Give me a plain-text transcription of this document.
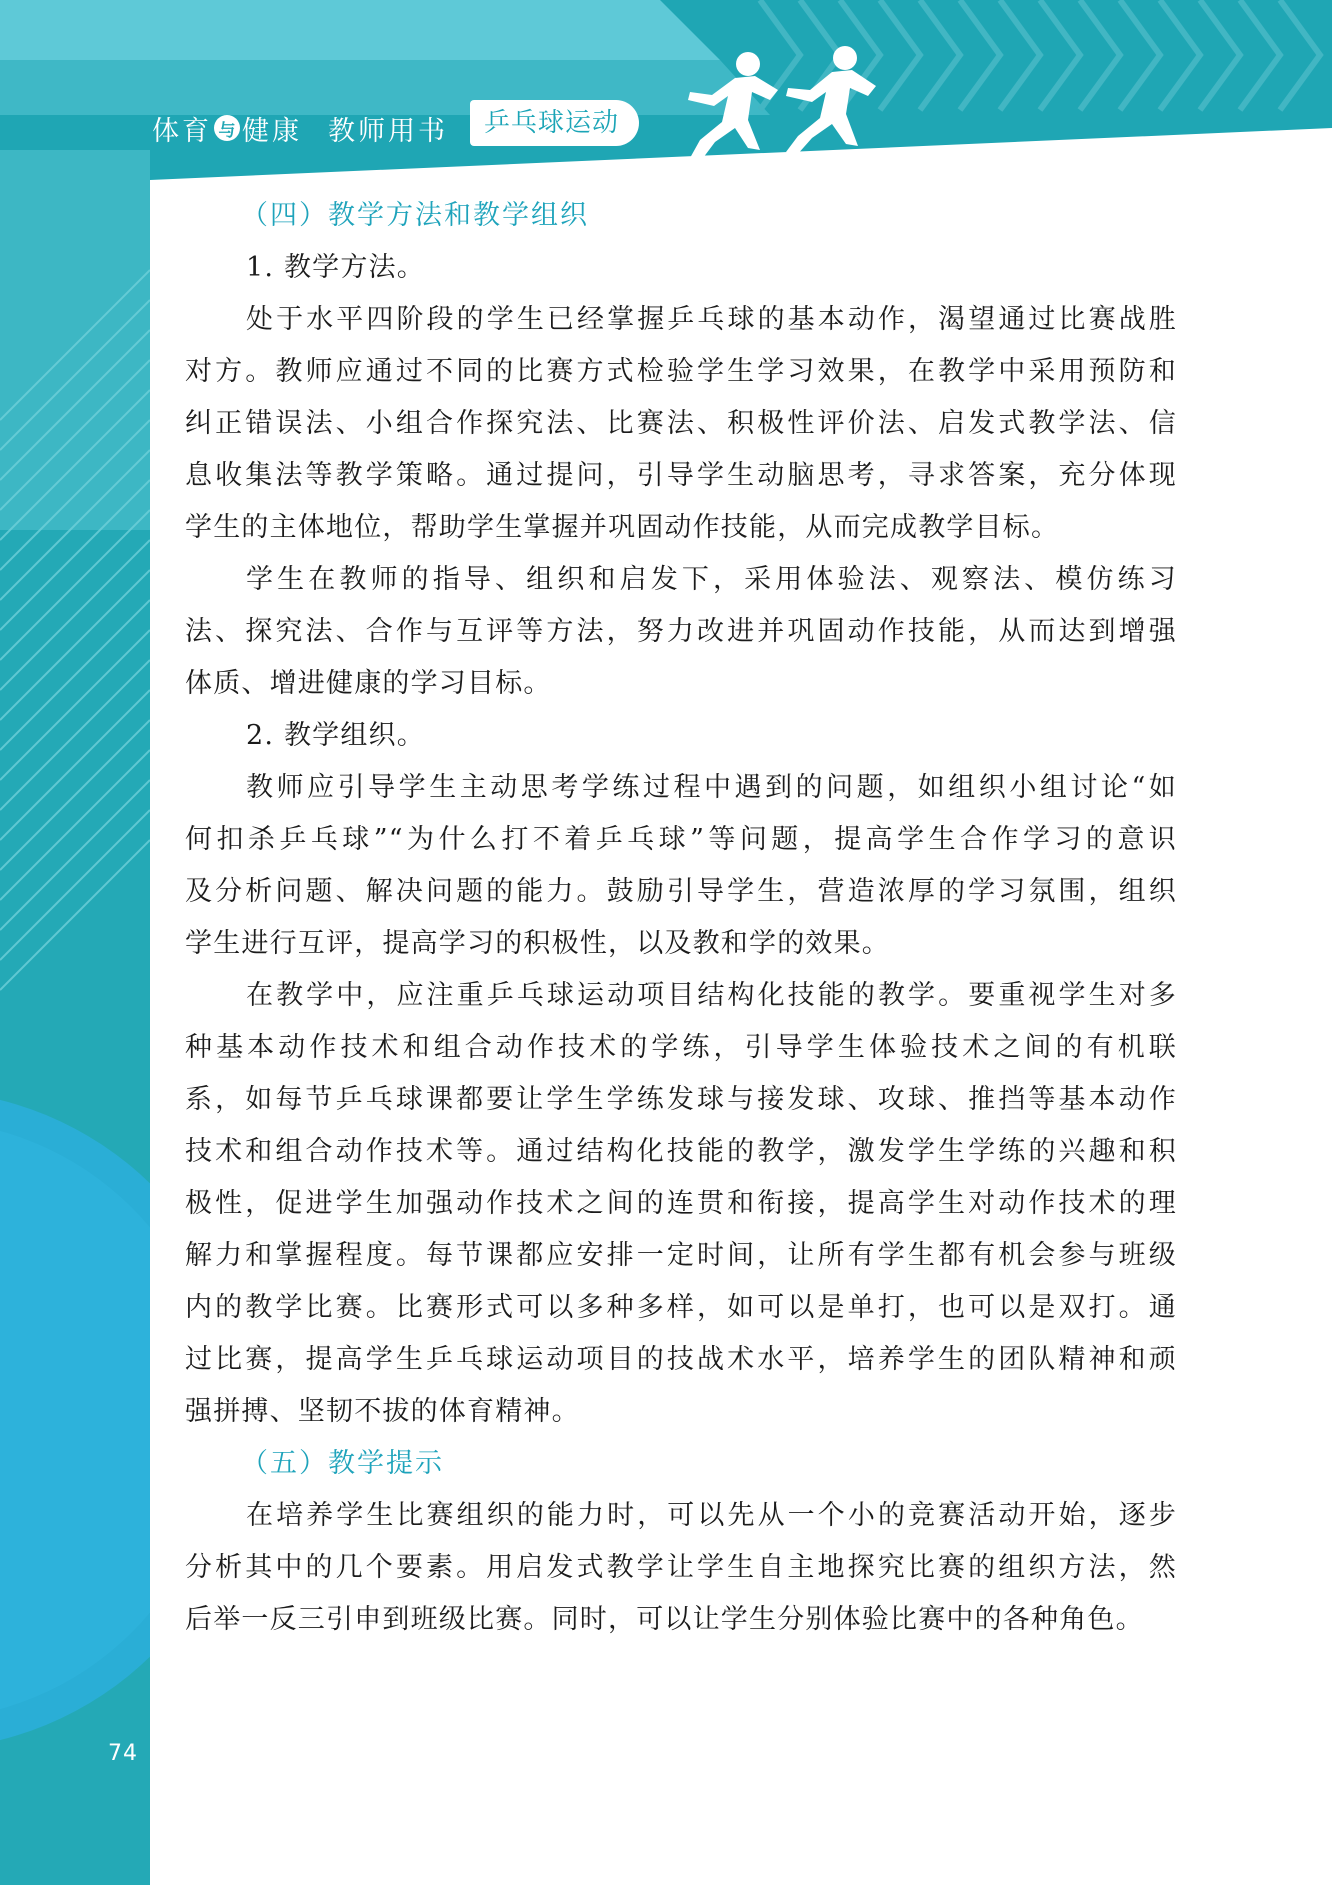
体育 与 健康 教师用书	乒乓球运动
（四）教学方法和教学组织
1. 教学方法。
处于水平四阶段的学生已经掌握乒乓球的基本动作，渴望通过比赛战胜
对方。教师应通过不同的比赛方式检验学生学习效果，在教学中采用预防和
纠正错误法、小组合作探究法、比赛法、积极性评价法、启发式教学法、信
息收集法等教学策略。通过提问，引导学生动脑思考，寻求答案，充分体现
学生的主体地位，帮助学生掌握并巩固动作技能，从而完成教学目标。
学生在教师的指导、组织和启发下，采用体验法、观察法、模仿练习
法、探究法、合作与互评等方法，努力改进并巩固动作技能，从而达到增强
体质、增进健康的学习目标。
2. 教学组织。
教师应引导学生主动思考学练过程中遇到的问题，如组织小组讨论“如
何扣杀乒乓球”“为什么打不着乒乓球”等问题，提高学生合作学习的意识
及分析问题、解决问题的能力。鼓励引导学生，营造浓厚的学习氛围，组织
学生进行互评，提高学习的积极性，以及教和学的效果。
在教学中，应注重乒乓球运动项目结构化技能的教学。要重视学生对多
种基本动作技术和组合动作技术的学练，引导学生体验技术之间的有机联
系，如每节乒乓球课都要让学生学练发球与接发球、攻球、推挡等基本动作
技术和组合动作技术等。通过结构化技能的教学，激发学生学练的兴趣和积
极性，促进学生加强动作技术之间的连贯和衔接，提高学生对动作技术的理
解力和掌握程度。每节课都应安排一定时间，让所有学生都有机会参与班级
内的教学比赛。比赛形式可以多种多样，如可以是单打，也可以是双打。通
过比赛，提高学生乒乓球运动项目的技战术水平，培养学生的团队精神和顽
强拼搏、坚韧不拔的体育精神。
（五）教学提示
在培养学生比赛组织的能力时，可以先从一个小的竞赛活动开始，逐步
分析其中的几个要素。用启发式教学让学生自主地探究比赛的组织方法，然
后举一反三引申到班级比赛。同时，可以让学生分别体验比赛中的各种角色。
74
